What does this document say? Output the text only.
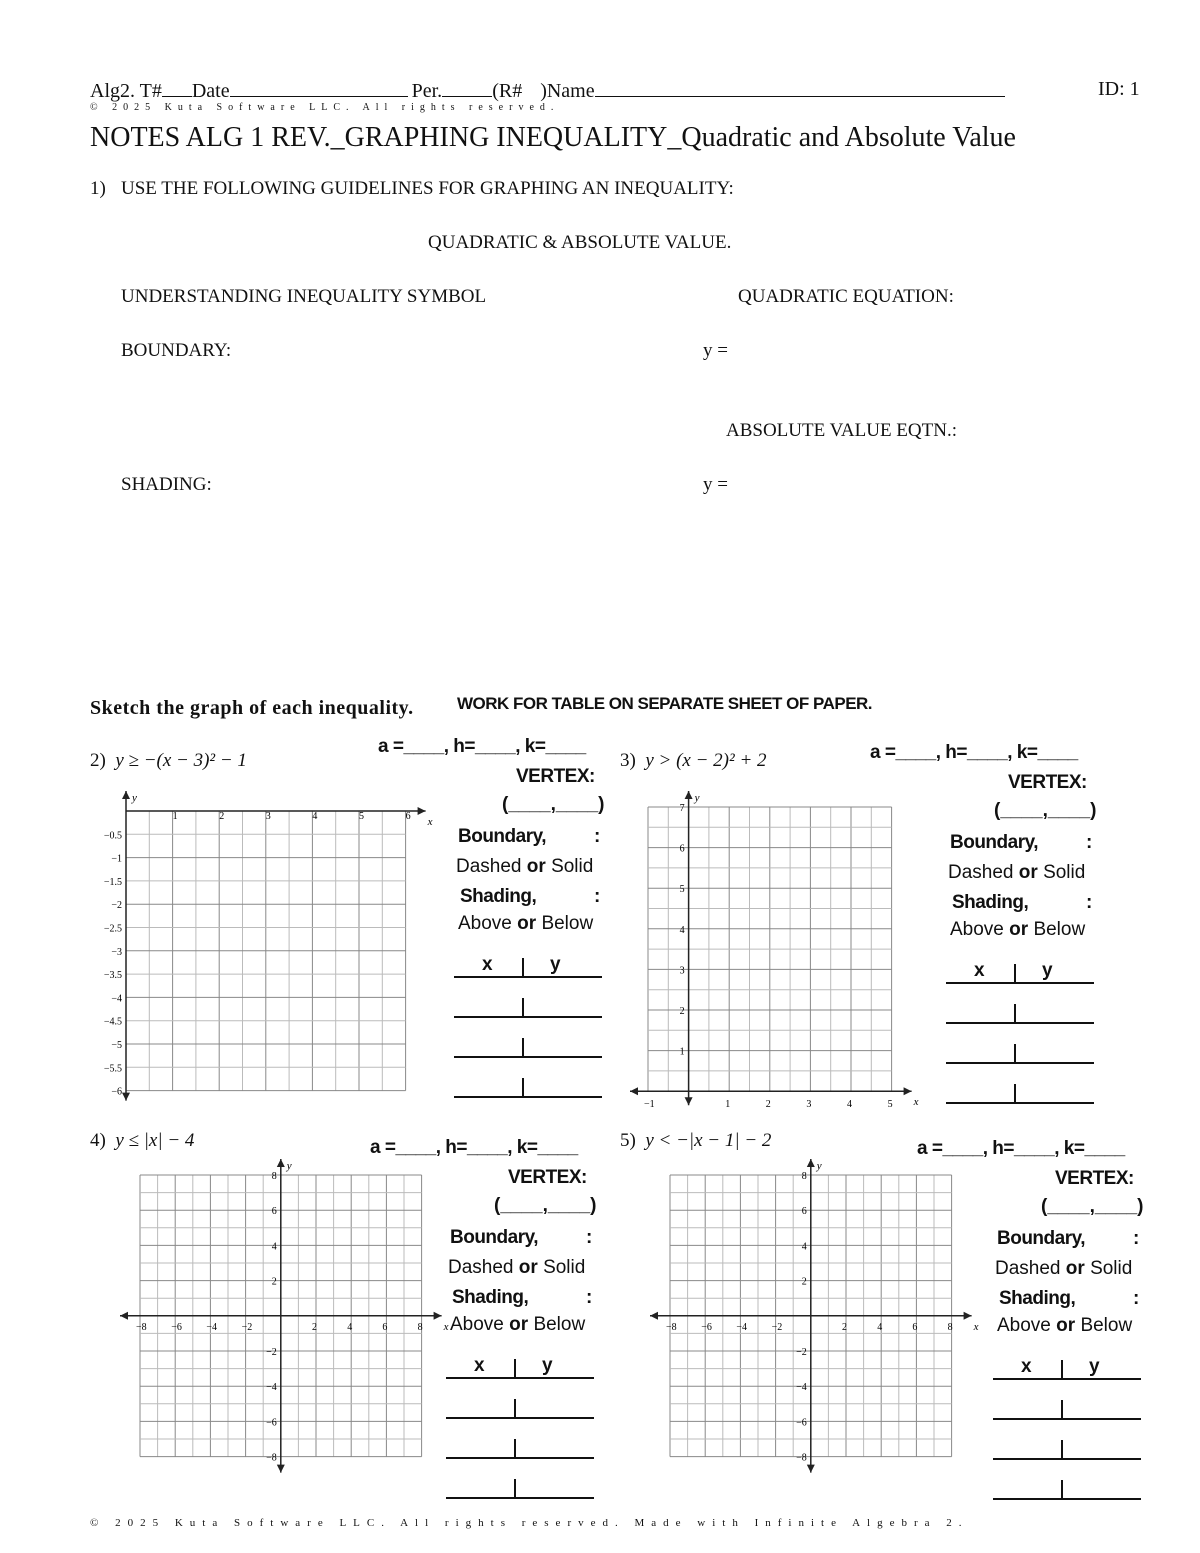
Alg2. T# Date	Per.	(R# )Name	ID: 1
© 2025 Kuta Software LLC. All rights reserved.
NOTES ALG 1 REV._GRAPHING INEQUALITY_Quadratic and Absolute Value
1) USE THE FOLLOWING GUIDELINES FOR GRAPHING AN INEQUALITY:
QUADRATIC & ABSOLUTE VALUE.
UNDERSTANDING INEQUALITY SYMBOL	QUADRATIC EQUATION:
BOUNDARY:	y =
ABSOLUTE VALUE EQTN.:
SHADING:	y =
Sketch the graph of each inequality.	WORK FOR TABLE ON SEPARATE SHEET OF PAPER.
2) y ≥ −(x − 3)² − 1	3) y > (x − 2)² + 2
4) y ≤ |x| − 4	5) y < −|x − 1| − 2
a =____, h=____, k=____
VERTEX:
(____,____)
Boundary,	:
Dashed or Solid
Shading,	:
Above or Below
x	y
a =____, h=____, k=____
VERTEX:
(____,____)
Boundary,	:
Dashed or Solid
Shading,	:
Above or Below
x	y
a =____, h=____, k=____
VERTEX:
(____,____)
Boundary,	:
Dashed or Solid
Shading,	:
Above or Below
x	y
a =____, h=____, k=____
VERTEX:
(____,____)
Boundary,	:
Dashed or Solid
Shading,	:
Above or Below
x	y
x
y
1	2	3	4	5	6
−0.5
−1
−1.5
−2
−2.5
−3
−3.5
−4
−4.5
−5
−5.5
−6
x
y
−1	1	2	3	4	5
7
6
5
4
3
2
1
x
y
−8 −6 −4 −2	2	4	6	8
8
6
4
2
−2
−4
−6
−8
x
y
−8 −6 −4 −2	2	4	6	8
8
6
4
2
−2
−4
−6
−8
© 2025 Kuta Software LLC. All rights reserved. Made with Infinite Algebra 2.
